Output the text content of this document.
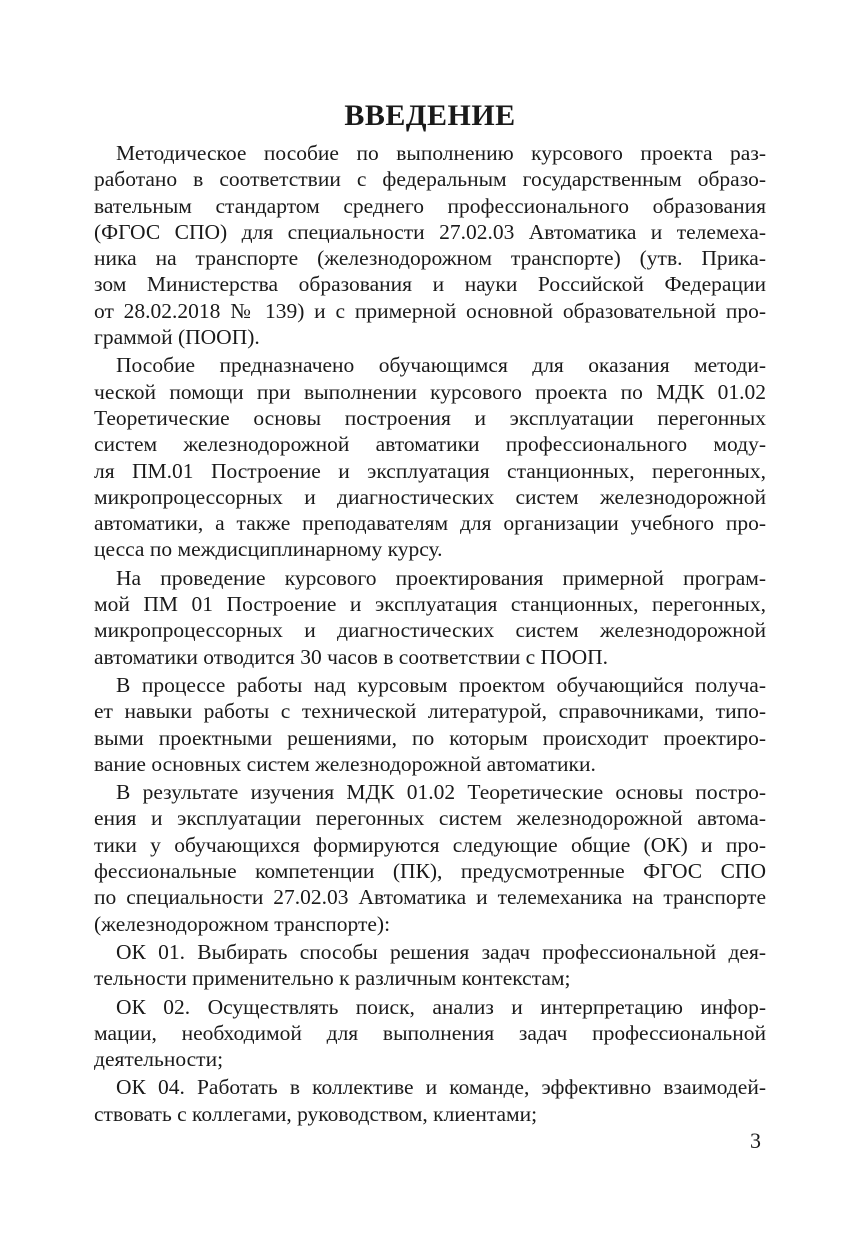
ВВЕДЕНИЕ
Методическое пособие по выполнению курсового проекта раз-
работано в соответствии с федеральным государственным образо-
вательным стандартом среднего профессионального образования
(ФГОС СПО) для специальности 27.02.03 Автоматика и телемеха-
ника на транспорте (железнодорожном транспорте) (утв. Прика-
зом Министерства образования и науки Российской Федерации
от 28.02.2018 № 139) и с примерной основной образовательной про-
граммой (ПООП).
Пособие предназначено обучающимся для оказания методи-
ческой помощи при выполнении курсового проекта по МДК 01.02
Теоретические основы построения и эксплуатации перегонных
систем железнодорожной автоматики профессионального моду-
ля ПМ.01 Построение и эксплуатация станционных, перегонных,
микропроцессорных и диагностических систем железнодорожной
автоматики, а также преподавателям для организации учебного про-
цесса по междисциплинарному курсу.
На проведение курсового проектирования примерной програм-
мой ПМ 01 Построение и эксплуатация станционных, перегонных,
микропроцессорных и диагностических систем железнодорожной
автоматики отводится 30 часов в соответствии с ПООП.
В процессе работы над курсовым проектом обучающийся получа-
ет навыки работы с технической литературой, справочниками, типо-
выми проектными решениями, по которым происходит проектиро-
вание основных систем железнодорожной автоматики.
В результате изучения МДК 01.02 Теоретические основы постро-
ения и эксплуатации перегонных систем железнодорожной автома-
тики у обучающихся формируются следующие общие (ОК) и про-
фессиональные компетенции (ПК), предусмотренные ФГОС СПО
по специальности 27.02.03 Автоматика и телемеханика на транспорте
(железнодорожном транспорте):
ОК 01. Выбирать способы решения задач профессиональной дея-
тельности применительно к различным контекстам;
ОК 02. Осуществлять поиск, анализ и интерпретацию инфор-
мации, необходимой для выполнения задач профессиональной
деятельности;
ОК 04. Работать в коллективе и команде, эффективно взаимодей-
ствовать с коллегами, руководством, клиентами;
3
